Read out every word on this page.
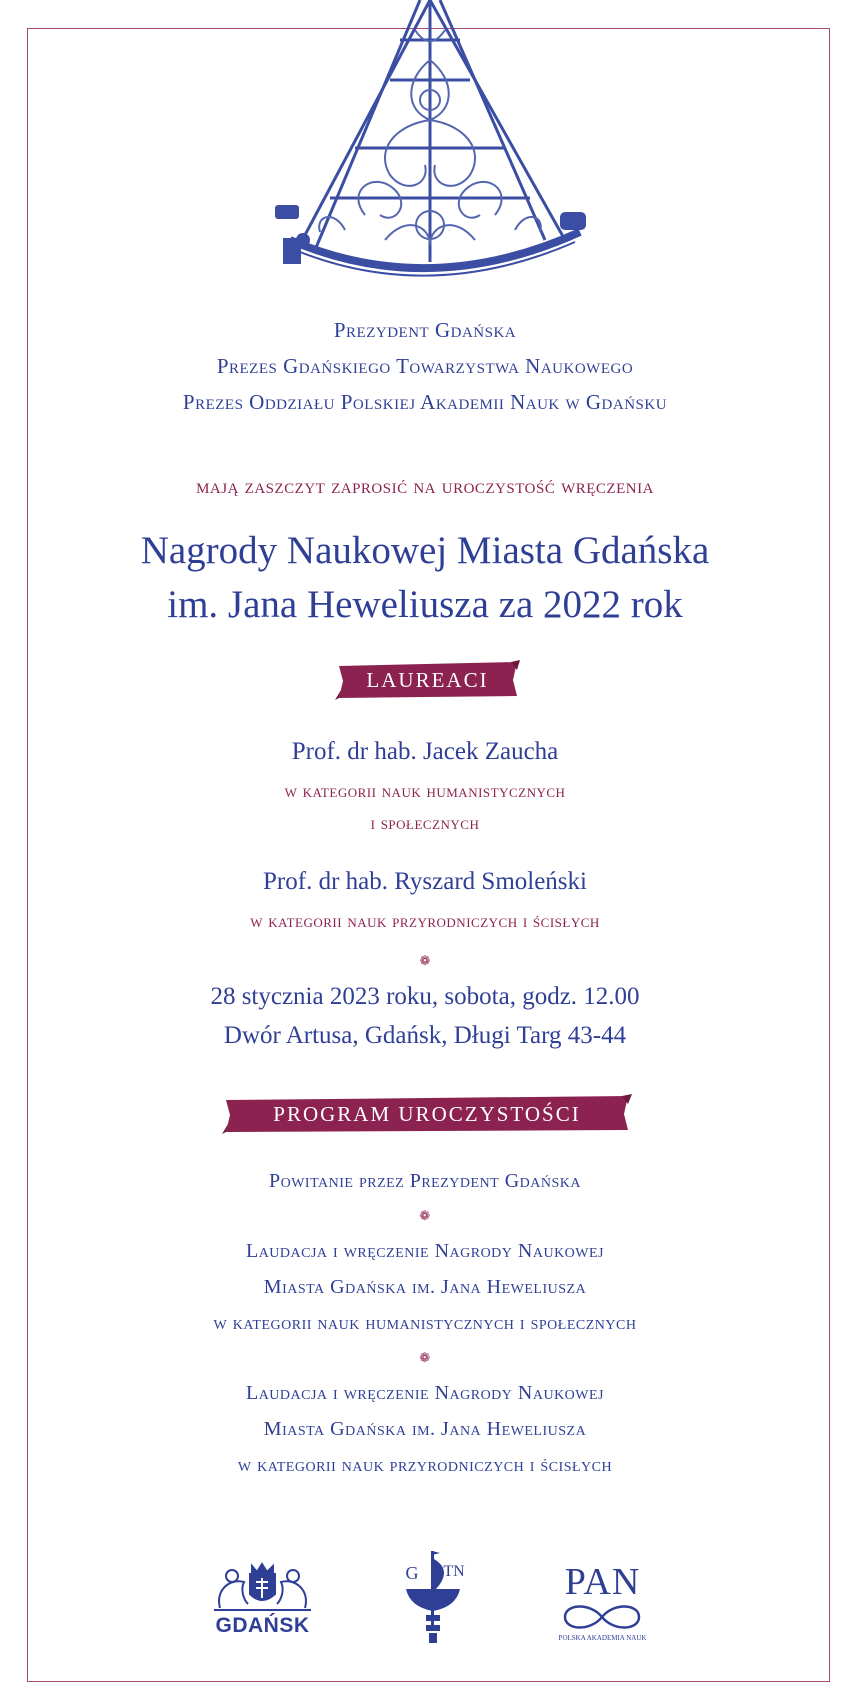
Prezydent Gdańska
Prezes Gdańskiego Towarzystwa Naukowego
Prezes Oddziału Polskiej Akademii Nauk w Gdańsku
mają zaszczyt zaprosić na uroczystość wręczenia
Nagrody Naukowej Miasta Gdańska
im. Jana Heweliusza za 2022 rok
LAUREACI
Prof. dr hab. Jacek Zaucha
w kategorii nauk humanistycznych
i społecznych
Prof. dr hab. Ryszard Smoleński
w kategorii nauk przyrodniczych i ścisłych
❁
28 stycznia 2023 roku, sobota, godz. 12.00
Dwór Artusa, Gdańsk, Długi Targ 43-44
PROGRAM UROCZYSTOŚCI
Powitanie przez Prezydent Gdańska
❁
Laudacja i wręczenie Nagrody Naukowej
Miasta Gdańska im. Jana Heweliusza
w kategorii nauk humanistycznych i społecznych
❁
Laudacja i wręczenie Nagrody Naukowej
Miasta Gdańska im. Jana Heweliusza
w kategorii nauk przyrodniczych i ścisłych
GDAŃSK
G	TN	PAN
POLSKA AKADEMIA NAUK
